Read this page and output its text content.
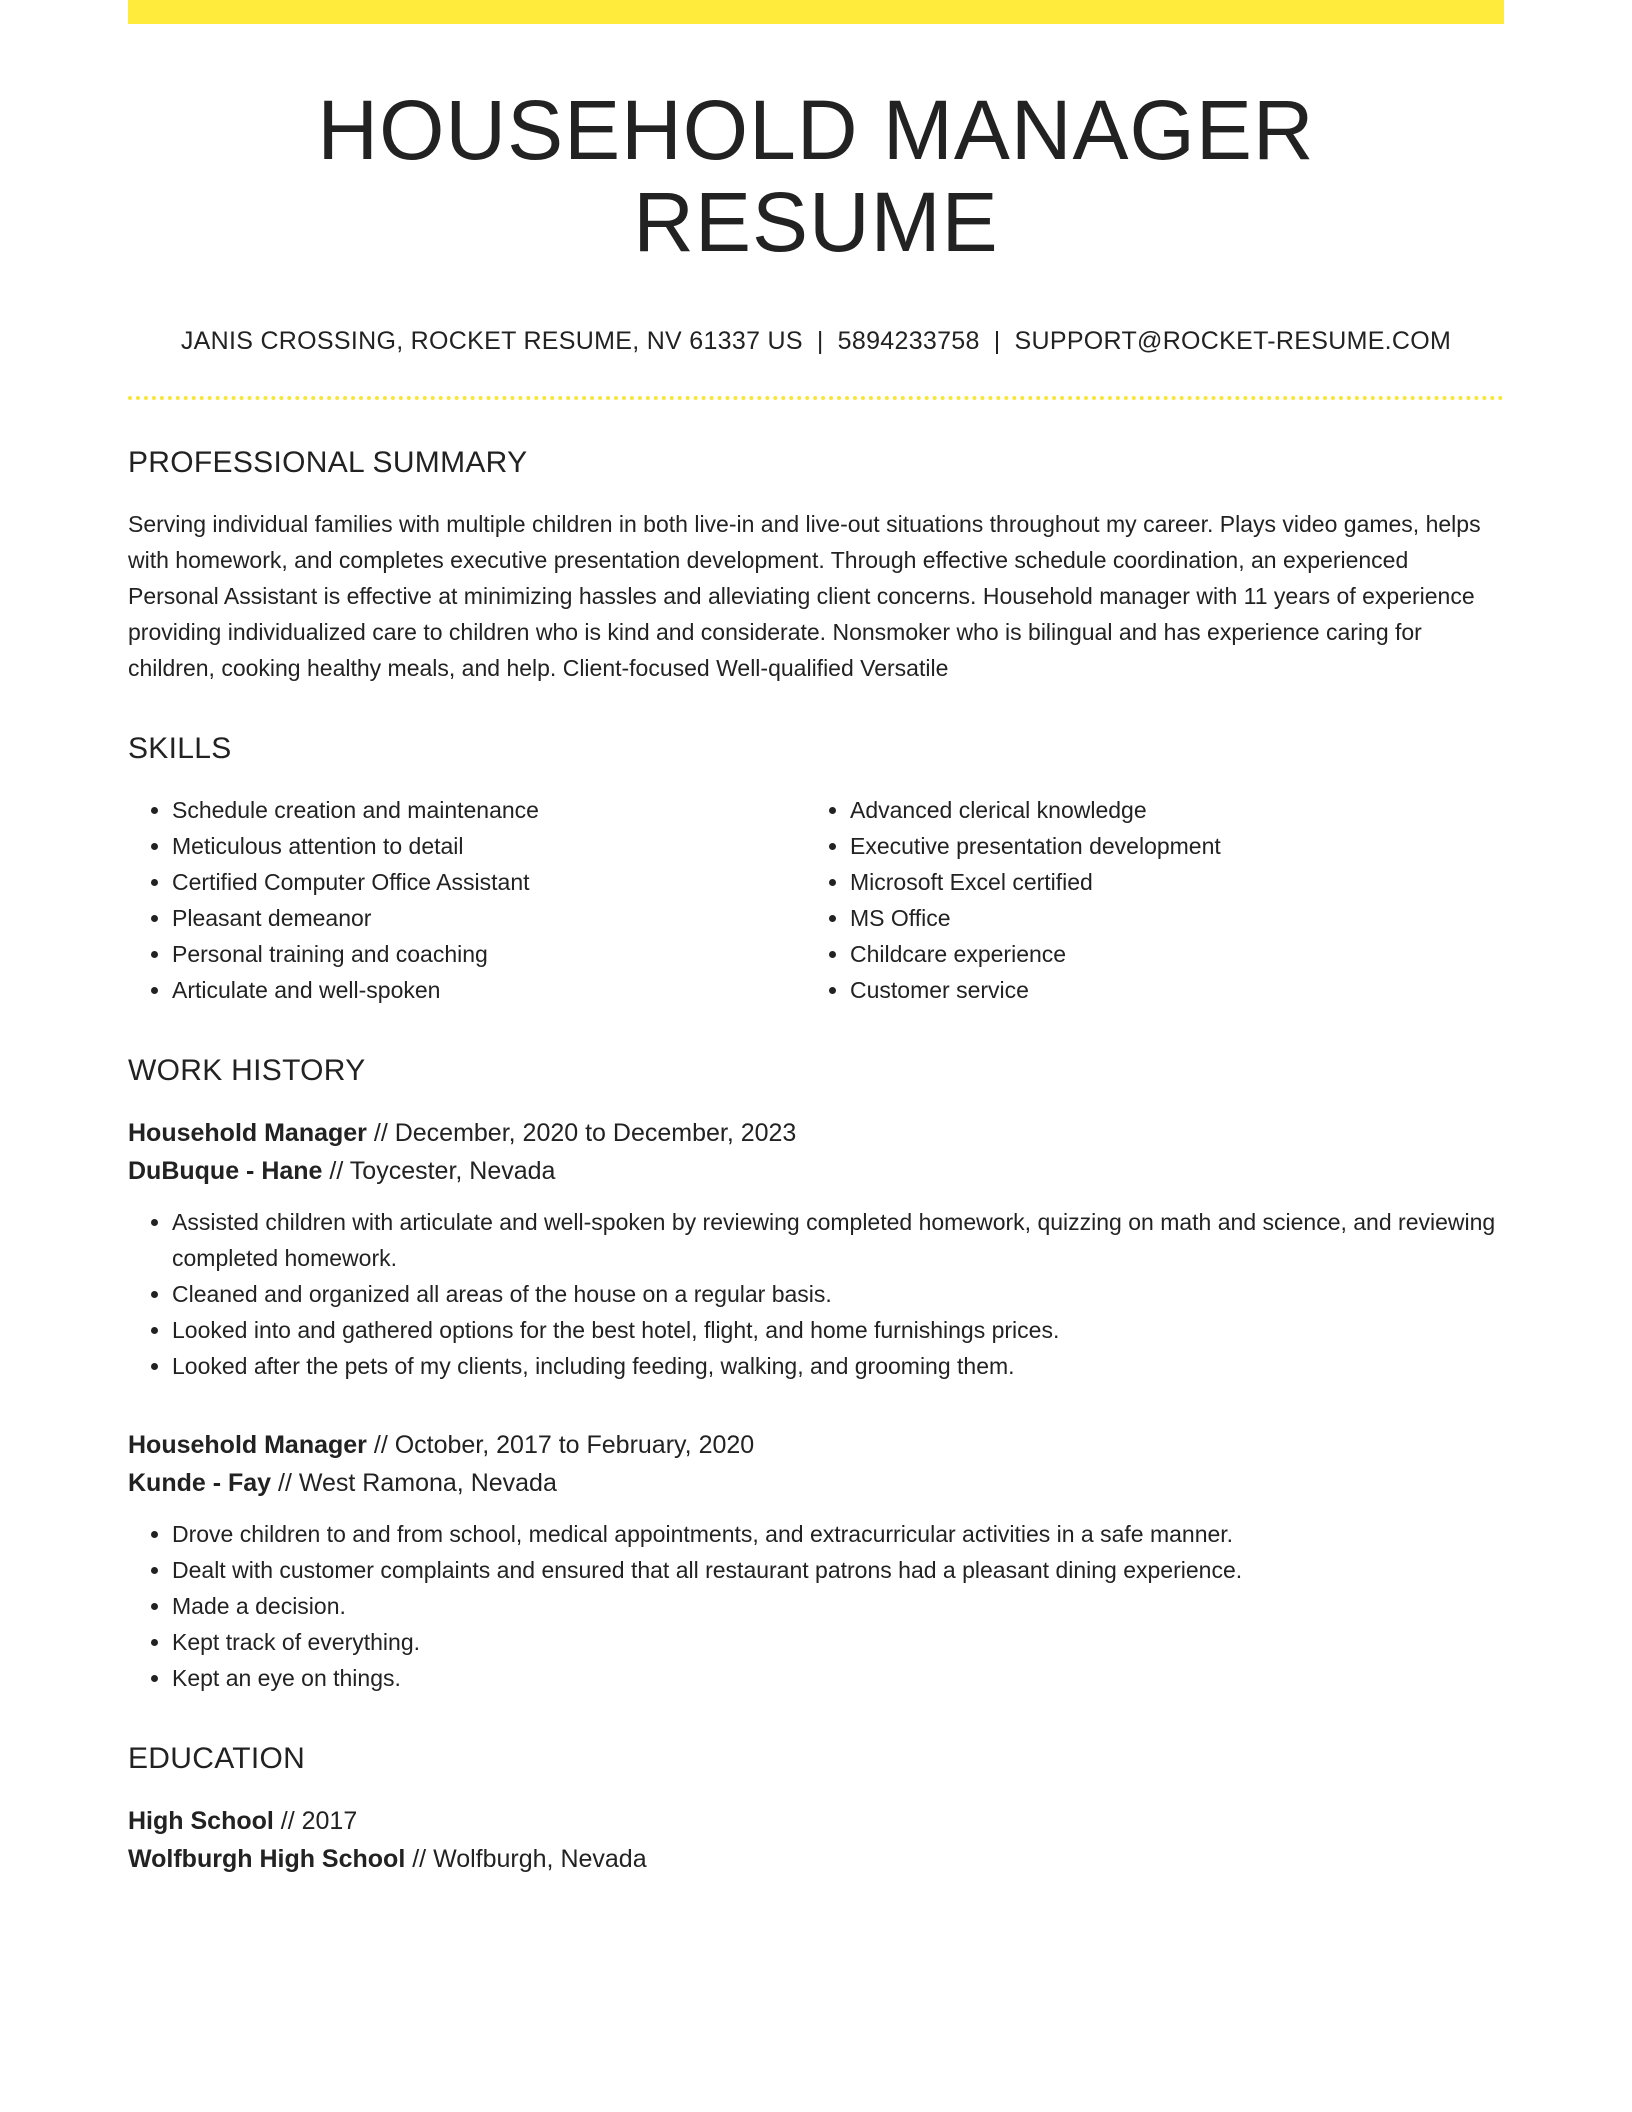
HOUSEHOLD MANAGER RESUME
JANIS CROSSING, ROCKET RESUME, NV 61337 US | 5894233758 | SUPPORT@ROCKET-RESUME.COM
PROFESSIONAL SUMMARY
Serving individual families with multiple children in both live-in and live-out situations throughout my career. Plays video games, helps with homework, and completes executive presentation development. Through effective schedule coordination, an experienced Personal Assistant is effective at minimizing hassles and alleviating client concerns. Household manager with 11 years of experience providing individualized care to children who is kind and considerate. Nonsmoker who is bilingual and has experience caring for children, cooking healthy meals, and help. Client-focused Well-qualified Versatile
SKILLS
• Schedule creation and maintenance
• Meticulous attention to detail
• Certified Computer Office Assistant
• Pleasant demeanor
• Personal training and coaching
• Articulate and well-spoken
• Advanced clerical knowledge
• Executive presentation development
• Microsoft Excel certified
• MS Office
• Childcare experience
• Customer service
WORK HISTORY
Household Manager // December, 2020 to December, 2023
DuBuque - Hane // Toycester, Nevada
• Assisted children with articulate and well-spoken by reviewing completed homework, quizzing on math and science, and reviewing completed homework.
• Cleaned and organized all areas of the house on a regular basis.
• Looked into and gathered options for the best hotel, flight, and home furnishings prices.
• Looked after the pets of my clients, including feeding, walking, and grooming them.
Household Manager // October, 2017 to February, 2020
Kunde - Fay // West Ramona, Nevada
• Drove children to and from school, medical appointments, and extracurricular activities in a safe manner.
• Dealt with customer complaints and ensured that all restaurant patrons had a pleasant dining experience.
• Made a decision.
• Kept track of everything.
• Kept an eye on things.
EDUCATION
High School // 2017
Wolfburgh High School // Wolfburgh, Nevada
